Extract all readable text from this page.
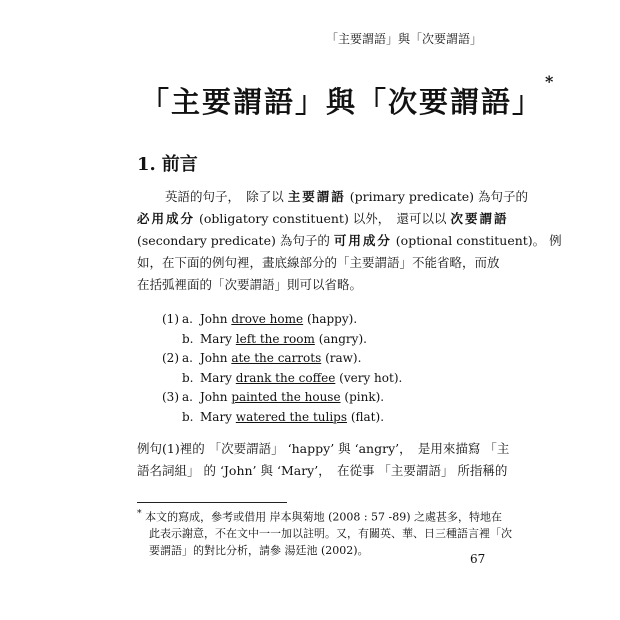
「主要謂語」與「次要謂語」
「主要謂語」與「次要謂語」*
1. 前言
英語的句子，　除了以 主要謂語 (primary predicate) 為句子的
必用成分 (obligatory constituent) 以外，　還可以以 次要謂語
(secondary predicate) 為句子的 可用成分 (optional constituent)。 例
如，在下面的例句裡，畫底線部分的「主要謂語」不能省略，而放
在括弧裡面的「次要謂語」則可以省略。
(1) a. John drove home (happy).
b. Mary left the room (angry).
(2) a. John ate the carrots (raw).
b. Mary drank the coffee (very hot).
(3) a. John painted the house (pink).
b. Mary watered the tulips (flat).
例句(1)裡的 「次要謂語」 ‘happy’ 與 ‘angry’，　是用來描寫 「主
語名詞組」 的 ‘John’ 與 ‘Mary’，　在從事 「主要謂語」 所指稱的
* 本文的寫成，參考或借用 岸本與菊地 (2008 : 57 -89) 之處甚多，特地在
此表示謝意，不在文中一一加以註明。又，有關英、華、日三種語言裡「次
要謂語」的對比分析，請參 湯廷池 (2002)。
67
